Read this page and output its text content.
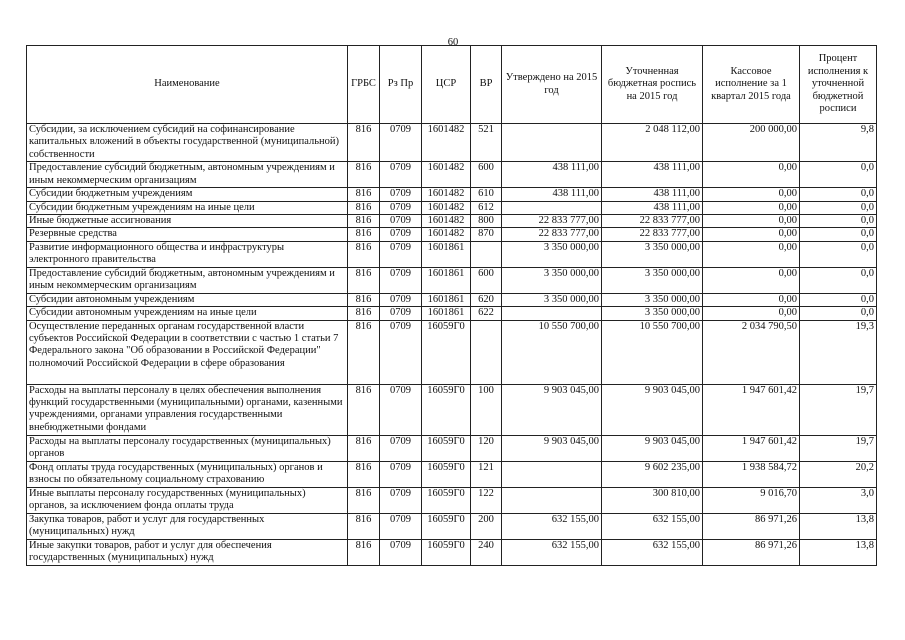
60
Наименование	ГРБС	Рз Пр	ЦСР	ВР	Утверждено на 2015 год	Уточненная бюджетная роспись на 2015 год	Кассовое исполнение за 1 квартал 2015 года	Процент исполнения к уточненной бюджетной росписи
Субсидии, за исключением субсидий на софинансирование капитальных вложений в объекты государственной (муниципальной) собственности	816	0709	1601482	521		2 048 112,00	200 000,00	9,8
Предоставление субсидий бюджетным, автономным учреждениям и иным некоммерческим организациям	816	0709	1601482	600	438 111,00	438 111,00	0,00	0,0
Субсидии бюджетным учреждениям	816	0709	1601482	610	438 111,00	438 111,00	0,00	0,0
Субсидии бюджетным учреждениям на иные цели	816	0709	1601482	612		438 111,00	0,00	0,0
Иные бюджетные ассигнования	816	0709	1601482	800	22 833 777,00	22 833 777,00	0,00	0,0
Резервные средства	816	0709	1601482	870	22 833 777,00	22 833 777,00	0,00	0,0
Развитие информационного общества и инфраструктуры электронного правительства	816	0709	1601861		3 350 000,00	3 350 000,00	0,00	0,0
Предоставление субсидий бюджетным, автономным учреждениям и иным некоммерческим организациям	816	0709	1601861	600	3 350 000,00	3 350 000,00	0,00	0,0
Субсидии автономным учреждениям	816	0709	1601861	620	3 350 000,00	3 350 000,00	0,00	0,0
Субсидии автономным учреждениям на иные цели	816	0709	1601861	622		3 350 000,00	0,00	0,0
Осуществление переданных органам государственной власти субъектов Российской Федерации в соответствии с частью 1 статьи 7 Федерального закона "Об образовании в Российской Федерации" полномочий Российской Федерации в сфере образования	816	0709	16059Г0		10 550 700,00	10 550 700,00	2 034 790,50	19,3
Расходы на выплаты персоналу в целях обеспечения выполнения функций государственными (муниципальными) органами, казенными учреждениями, органами управления государственными внебюджетными фондами	816	0709	16059Г0	100	9 903 045,00	9 903 045,00	1 947 601,42	19,7
Расходы на выплаты персоналу государственных (муниципальных) органов	816	0709	16059Г0	120	9 903 045,00	9 903 045,00	1 947 601,42	19,7
Фонд оплаты труда государственных (муниципальных) органов и взносы по обязательному социальному страхованию	816	0709	16059Г0	121		9 602 235,00	1 938 584,72	20,2
Иные выплаты персоналу государственных (муниципальных) органов, за исключением фонда оплаты труда	816	0709	16059Г0	122		300 810,00	9 016,70	3,0
Закупка товаров, работ и услуг для государственных (муниципальных) нужд	816	0709	16059Г0	200	632 155,00	632 155,00	86 971,26	13,8
Иные закупки товаров, работ и услуг для обеспечения государственных (муниципальных) нужд	816	0709	16059Г0	240	632 155,00	632 155,00	86 971,26	13,8
